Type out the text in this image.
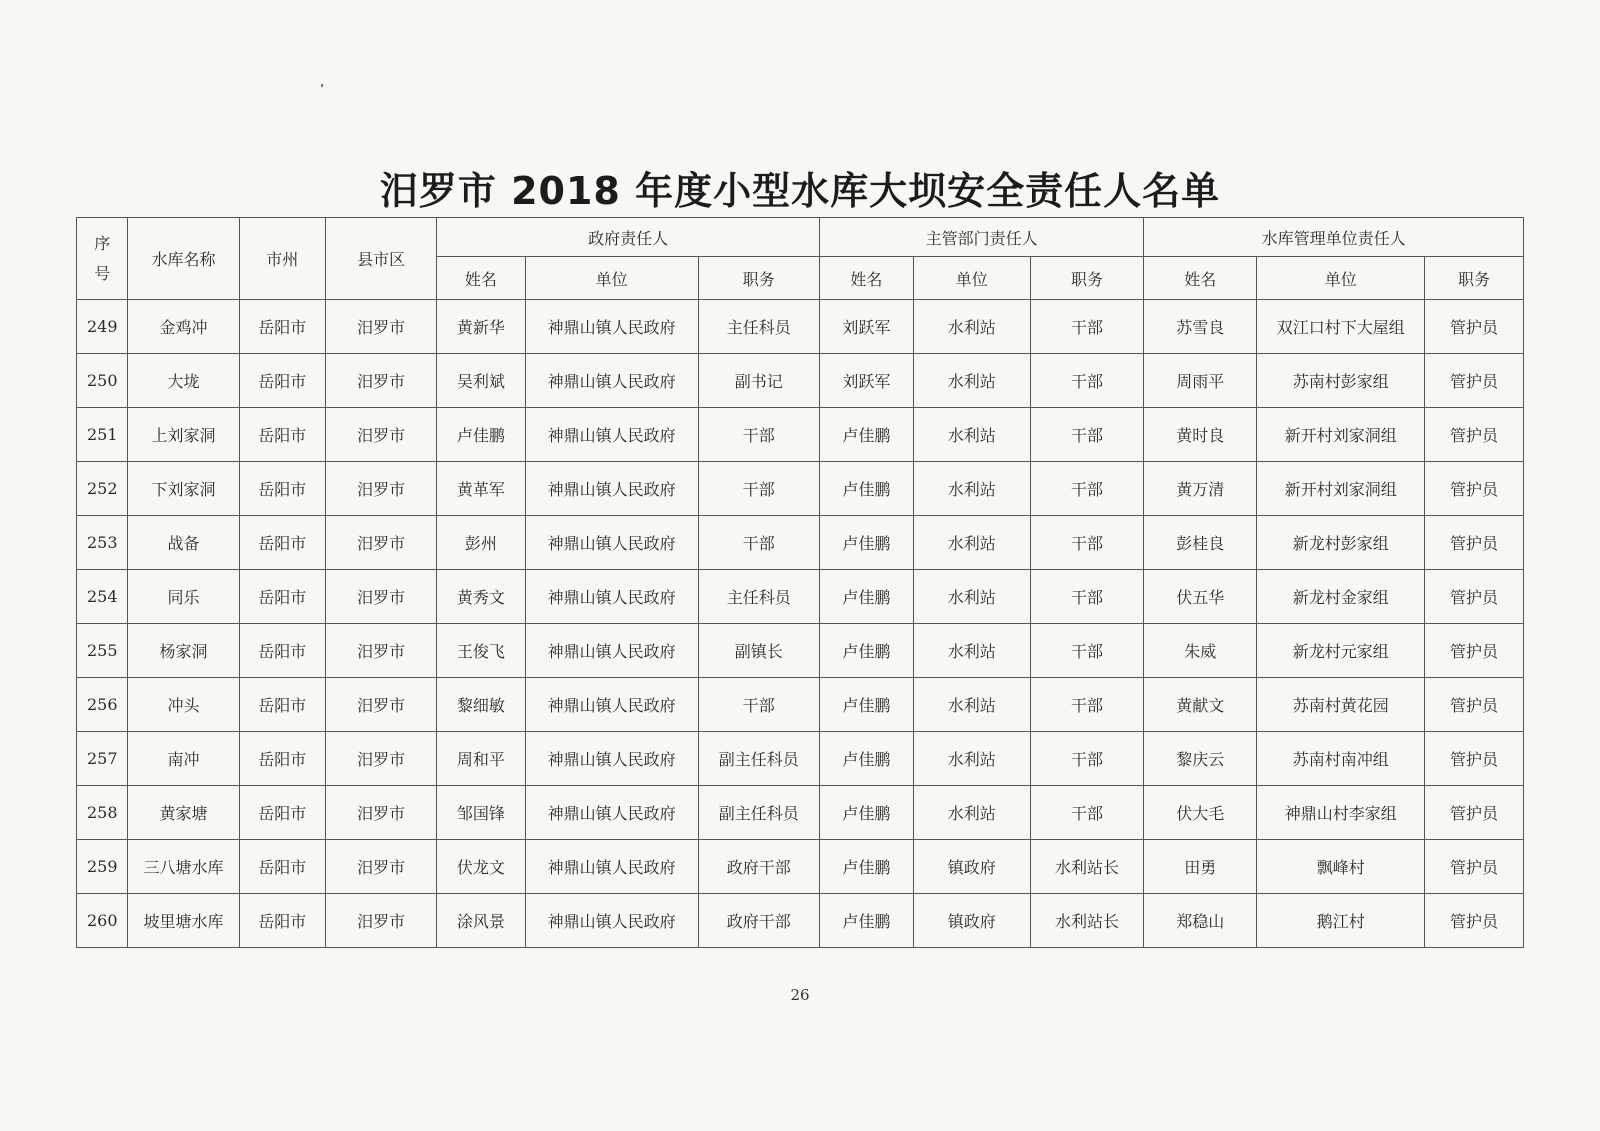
汨罗市 2018 年度小型水库大坝安全责任人名单
序
号	水库名称	市州	县市区	政府责任人			主管部门责任人			水库管理单位责任人		
				姓名	单位	职务	姓名	单位	职务	姓名	单位	职务
249	金鸡冲	岳阳市	汨罗市	黄新华	神鼎山镇人民政府	主任科员	刘跃军	水利站	干部	苏雪良	双江口村下大屋组	管护员
250	大垅	岳阳市	汨罗市	吴利斌	神鼎山镇人民政府	副书记	刘跃军	水利站	干部	周雨平	苏南村彭家组	管护员
251	上刘家洞	岳阳市	汨罗市	卢佳鹏	神鼎山镇人民政府	干部	卢佳鹏	水利站	干部	黄时良	新开村刘家洞组	管护员
252	下刘家洞	岳阳市	汨罗市	黄革军	神鼎山镇人民政府	干部	卢佳鹏	水利站	干部	黄万清	新开村刘家洞组	管护员
253	战备	岳阳市	汨罗市	彭州	神鼎山镇人民政府	干部	卢佳鹏	水利站	干部	彭桂良	新龙村彭家组	管护员
254	同乐	岳阳市	汨罗市	黄秀文	神鼎山镇人民政府	主任科员	卢佳鹏	水利站	干部	伏五华	新龙村金家组	管护员
255	杨家洞	岳阳市	汨罗市	王俊飞	神鼎山镇人民政府	副镇长	卢佳鹏	水利站	干部	朱威	新龙村元家组	管护员
256	冲头	岳阳市	汨罗市	黎细敏	神鼎山镇人民政府	干部	卢佳鹏	水利站	干部	黄献文	苏南村黄花园	管护员
257	南冲	岳阳市	汨罗市	周和平	神鼎山镇人民政府	副主任科员	卢佳鹏	水利站	干部	黎庆云	苏南村南冲组	管护员
258	黄家塘	岳阳市	汨罗市	邹国锋	神鼎山镇人民政府	副主任科员	卢佳鹏	水利站	干部	伏大毛	神鼎山村李家组	管护员
259	三八塘水库	岳阳市	汨罗市	伏龙文	神鼎山镇人民政府	政府干部	卢佳鹏	镇政府	水利站长	田勇	飘峰村	管护员
260	坡里塘水库	岳阳市	汨罗市	涂风景	神鼎山镇人民政府	政府干部	卢佳鹏	镇政府	水利站长	郑稳山	鹅江村	管护员
26
